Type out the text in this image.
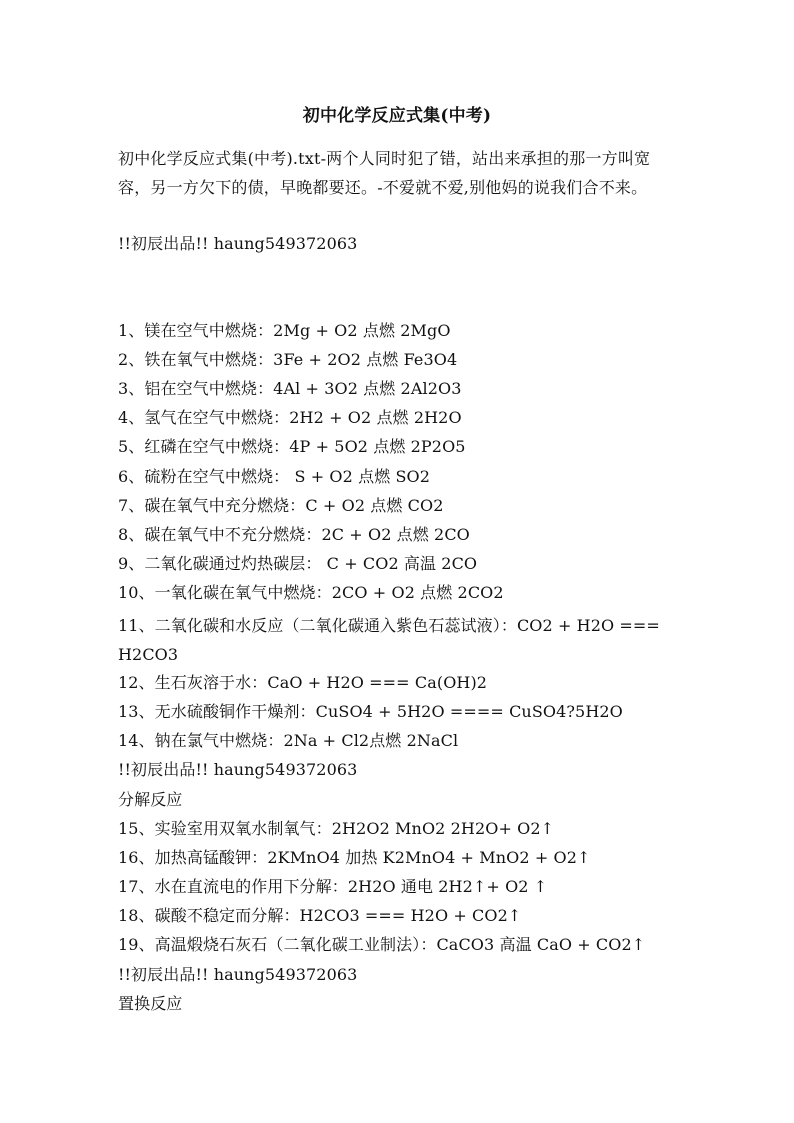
初中化学反应式集(中考)
初中化学反应式集(中考).txt-两个人同时犯了错，站出来承担的那一方叫宽容，另一方欠下的债，早晚都要还。-不爱就不爱,别他妈的说我们合不来。
!!初辰出品!! haung549372063
1、镁在空气中燃烧：2Mg + O2 点燃 2MgO
2、铁在氧气中燃烧：3Fe + 2O2 点燃 Fe3O4
3、铝在空气中燃烧：4Al + 3O2 点燃 2Al2O3
4、氢气在空气中燃烧：2H2 + O2 点燃 2H2O
5、红磷在空气中燃烧：4P + 5O2 点燃 2P2O5
6、硫粉在空气中燃烧： S + O2 点燃 SO2
7、碳在氧气中充分燃烧：C + O2 点燃 CO2
8、碳在氧气中不充分燃烧：2C + O2 点燃 2CO
9、二氧化碳通过灼热碳层： C + CO2 高温 2CO
10、一氧化碳在氧气中燃烧：2CO + O2 点燃 2CO2
11、二氧化碳和水反应（二氧化碳通入紫色石蕊试液）：CO2 + H2O === H2CO3
12、生石灰溶于水：CaO + H2O === Ca(OH)2
13、无水硫酸铜作干燥剂：CuSO4 + 5H2O ==== CuSO4?5H2O
14、钠在氯气中燃烧：2Na + Cl2点燃 2NaCl
!!初辰出品!! haung549372063
分解反应
15、实验室用双氧水制氧气：2H2O2 MnO2 2H2O+ O2↑
16、加热高锰酸钾：2KMnO4 加热 K2MnO4 + MnO2 + O2↑
17、水在直流电的作用下分解：2H2O 通电 2H2↑+ O2 ↑
18、碳酸不稳定而分解：H2CO3 === H2O + CO2↑
19、高温煅烧石灰石（二氧化碳工业制法）：CaCO3 高温 CaO + CO2↑
!!初辰出品!! haung549372063
置换反应
